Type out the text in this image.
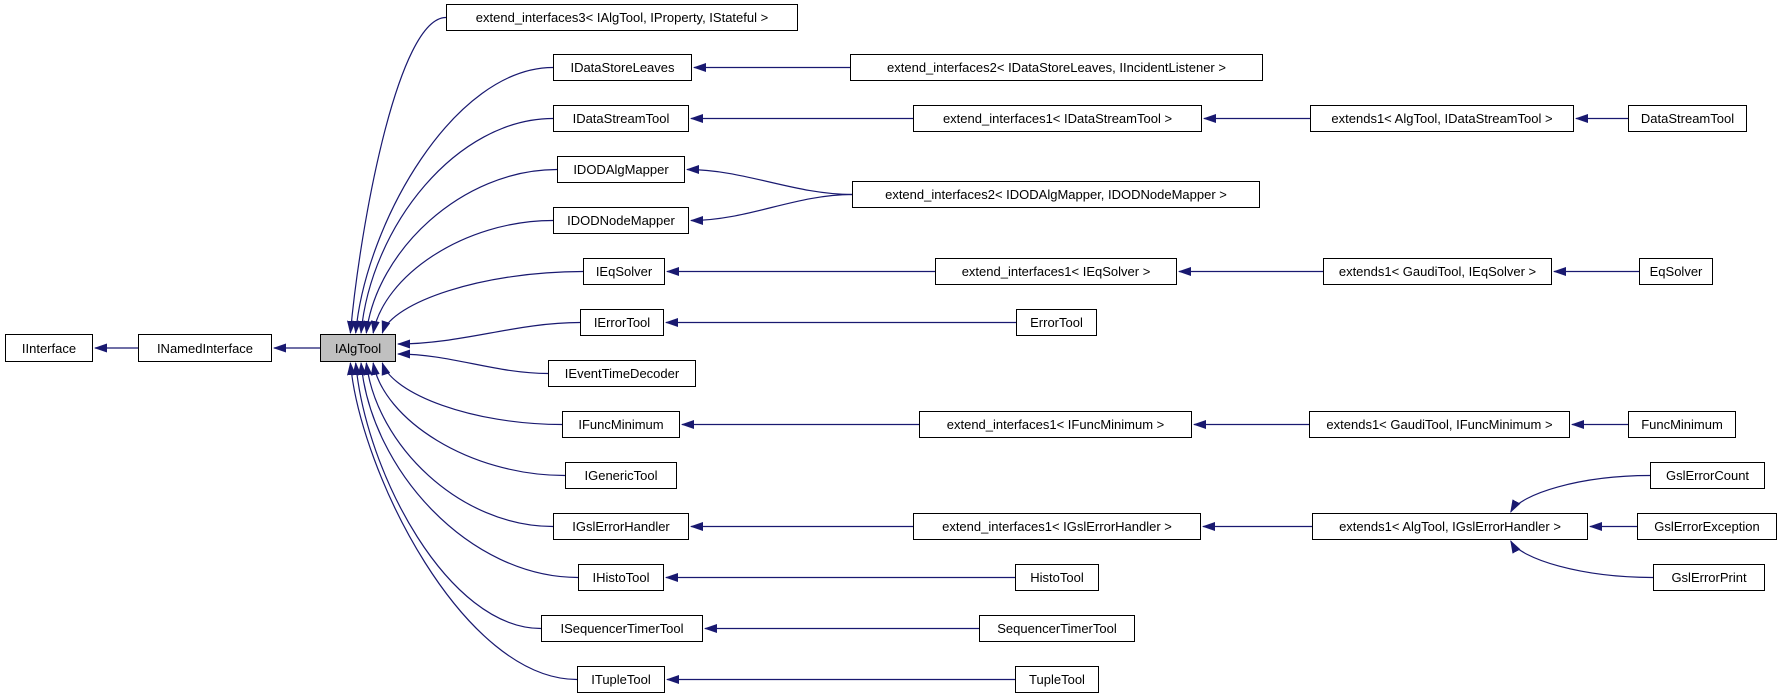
IInterface	INamedInterface	IAlgTool
extend_interfaces3< IAlgTool, IProperty, IStateful >
IDataStoreLeaves	extend_interfaces2< IDataStoreLeaves, IIncidentListener >
IDataStreamTool	extend_interfaces1< IDataStreamTool >	extends1< AlgTool, IDataStreamTool >	DataStreamTool
IDODAlgMapper
IDODNodeMapper
extend_interfaces2< IDODAlgMapper, IDODNodeMapper >
IEqSolver	extend_interfaces1< IEqSolver >	extends1< GaudiTool, IEqSolver >	EqSolver
IErrorTool	ErrorTool
IEventTimeDecoder
IFuncMinimum	extend_interfaces1< IFuncMinimum >	extends1< GaudiTool, IFuncMinimum >	FuncMinimum
IGenericTool	GslErrorCount
IGslErrorHandler	extend_interfaces1< IGslErrorHandler >	extends1< AlgTool, IGslErrorHandler >	GslErrorException
IHistoTool	HistoTool	GslErrorPrint
ISequencerTimerTool	SequencerTimerTool
ITupleTool	TupleTool
